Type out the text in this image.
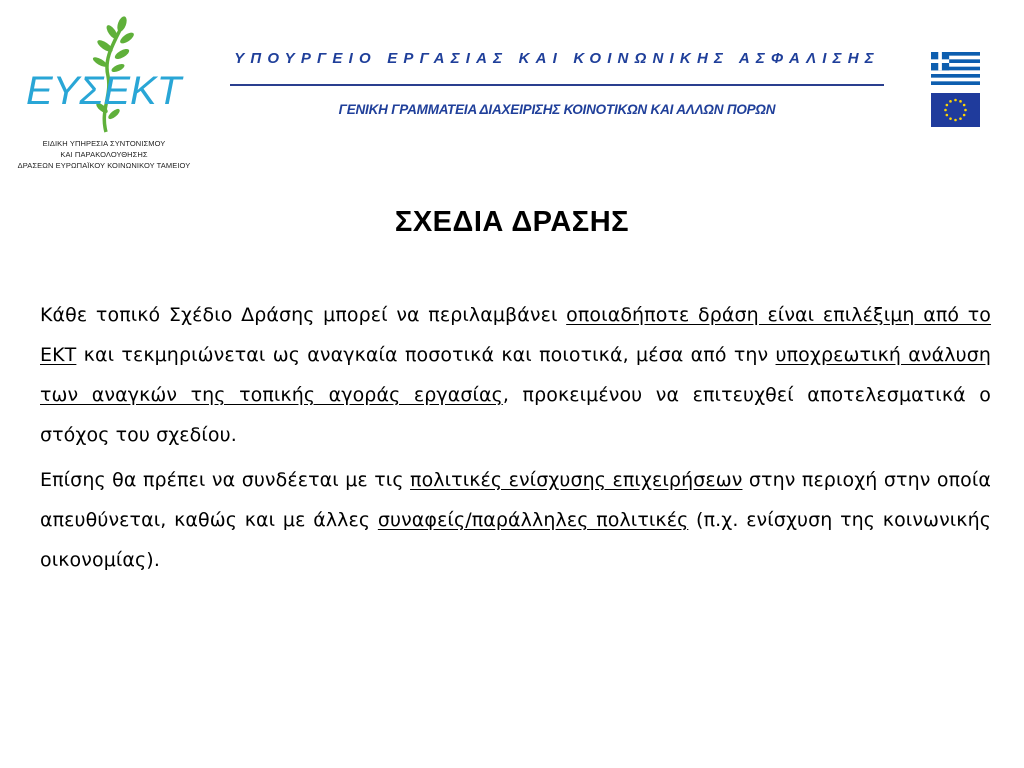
ΕΥΣΕΚΤ
ΕΙΔΙΚΗ ΥΠΗΡΕΣΙΑ ΣΥΝΤΟΝΙΣΜΟΥ
ΚΑΙ ΠΑΡΑΚΟΛΟΥΘΗΣΗΣ
ΔΡΑΣΕΩΝ ΕΥΡΩΠΑΪΚΟΥ ΚΟΙΝΩΝΙΚΟΥ ΤΑΜΕΙΟΥ
ΥΠΟΥΡΓΕΙΟ ΕΡΓΑΣΙΑΣ ΚΑΙ ΚΟΙΝΩΝΙΚΗΣ ΑΣΦΑΛΙΣΗΣ
ΓΕΝΙΚΗ ΓΡΑΜΜΑΤΕΙΑ ΔΙΑΧΕΙΡΙΣΗΣ ΚΟΙΝΟΤΙΚΩΝ ΚΑΙ ΑΛΛΩΝ ΠΟΡΩΝ
ΣΧΕΔΙΑ ΔΡΑΣΗΣ

Κάθε τοπικό Σχέδιο Δράσης μπορεί να περιλαμβάνει οποιαδήποτε δράση είναι επιλέξιμη από το ΕΚΤ και τεκμηριώνεται ως αναγκαία ποσοτικά και ποιοτικά, μέσα από την υποχρεωτική ανάλυση των αναγκών της τοπικής αγοράς εργασίας, προκειμένου να επιτευχθεί αποτελεσματικά ο στόχος του σχεδίου.

Επίσης θα πρέπει να συνδέεται με τις πολιτικές ενίσχυσης επιχειρήσεων στην περιοχή στην οποία απευθύνεται, καθώς και με άλλες συναφείς/παράλληλες πολιτικές (π.χ. ενίσχυση της κοινωνικής οικονομίας).
